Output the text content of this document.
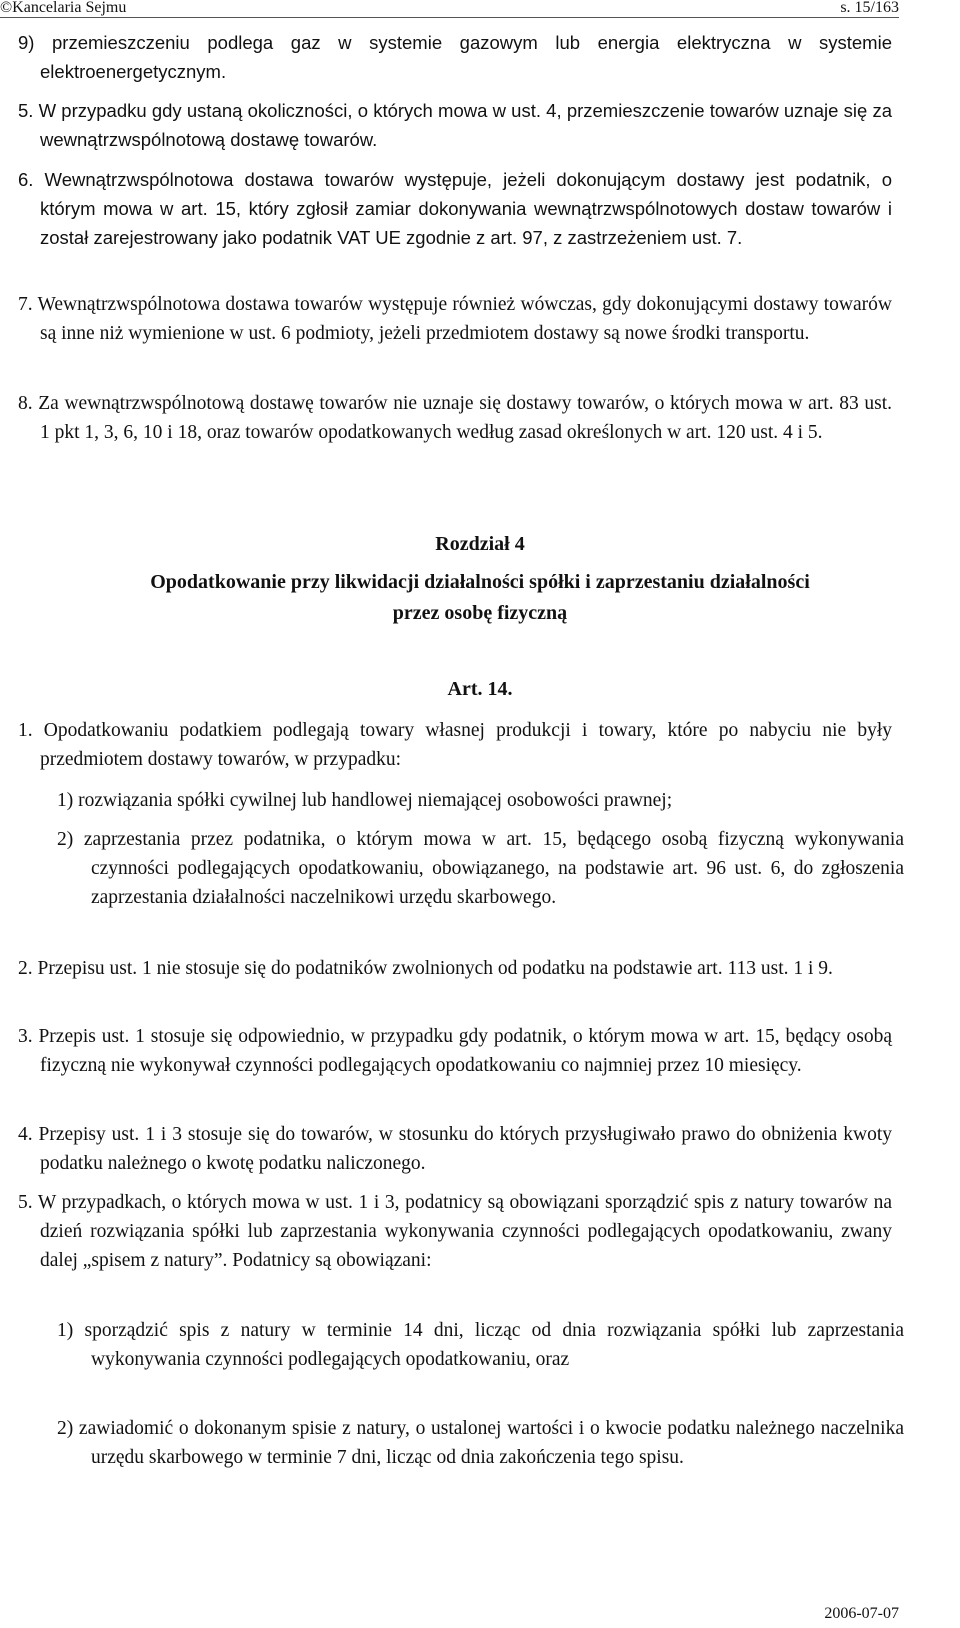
©Kancelaria Sejmu	s. 15/163

9) przemieszczeniu podlega gaz w systemie gazowym lub energia elektryczna w systemie elektroenergetycznym.

5. W przypadku gdy ustaną okoliczności, o których mowa w ust. 4, przemieszczenie towarów uznaje się za wewnątrzwspólnotową dostawę towarów.

6. Wewnątrzwspólnotowa dostawa towarów występuje, jeżeli dokonującym dostawy jest podatnik, o którym mowa w art. 15, który zgłosił zamiar dokonywania wewnątrzwspólnotowych dostaw towarów i został zarejestrowany jako podatnik VAT UE zgodnie z art. 97, z zastrzeżeniem ust. 7.

7. Wewnątrzwspólnotowa dostawa towarów występuje również wówczas, gdy dokonującymi dostawy towarów są inne niż wymienione w ust. 6 podmioty, jeżeli przedmiotem dostawy są nowe środki transportu.

8. Za wewnątrzwspólnotową dostawę towarów nie uznaje się dostawy towarów, o których mowa w art. 83 ust. 1 pkt 1, 3, 6, 10 i 18, oraz towarów opodatkowanych według zasad określonych w art. 120 ust. 4 i 5.

Rozdział 4

Opodatkowanie przy likwidacji działalności spółki i zaprzestaniu działalności

przez osobę fizyczną

Art. 14.

1. Opodatkowaniu podatkiem podlegają towary własnej produkcji i towary, które po nabyciu nie były przedmiotem dostawy towarów, w przypadku:

1) rozwiązania spółki cywilnej lub handlowej niemającej osobowości prawnej;

2) zaprzestania przez podatnika, o którym mowa w art. 15, będącego osobą fizyczną wykonywania czynności podlegających opodatkowaniu, obowiązanego, na podstawie art. 96 ust. 6, do zgłoszenia zaprzestania działalności naczelnikowi urzędu skarbowego.

2. Przepisu ust. 1 nie stosuje się do podatników zwolnionych od podatku na podstawie art. 113 ust. 1 i 9.

3. Przepis ust. 1 stosuje się odpowiednio, w przypadku gdy podatnik, o którym mowa w art. 15, będący osobą fizyczną nie wykonywał czynności podlegających opodatkowaniu co najmniej przez 10 miesięcy.

4. Przepisy ust. 1 i 3 stosuje się do towarów, w stosunku do których przysługiwało prawo do obniżenia kwoty podatku należnego o kwotę podatku naliczonego.

5. W przypadkach, o których mowa w ust. 1 i 3, podatnicy są obowiązani sporządzić spis z natury towarów na dzień rozwiązania spółki lub zaprzestania wykonywania czynności podlegających opodatkowaniu, zwany dalej „spisem z natury”. Podatnicy są obowiązani:

1) sporządzić spis z natury w terminie 14 dni, licząc od dnia rozwiązania spółki lub zaprzestania wykonywania czynności podlegających opodatkowaniu, oraz

2) zawiadomić o dokonanym spisie z natury, o ustalonej wartości i o kwocie podatku należnego naczelnika urzędu skarbowego w terminie 7 dni, licząc od dnia zakończenia tego spisu.

2006-07-07
